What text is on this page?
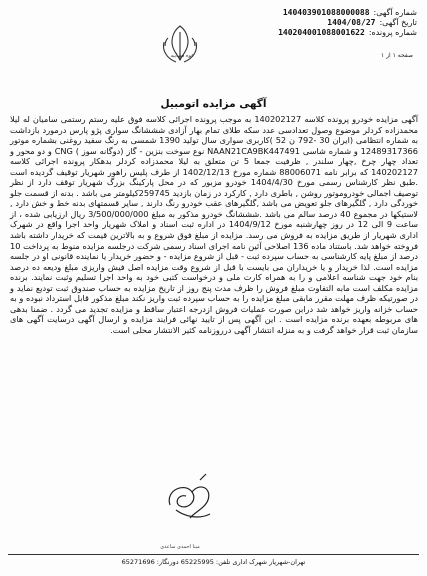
شماره آگهی:
140403901088000088
تاریخ آگهی:
1404/08/27
شماره پرونده:
140204001088001622
قوه قضاییه	صفحه ۱ از ۱
آگهی مزایده اتومبیل
آگهی مزایده خودرو پرونده کلاسه 140202127 به موجب پرونده اجرائی کلاسه فوق علیه رستم رستمی سامیان له لیلا محمدزاده کردلر موضوع وصول تعدادسی عدد سکه طلای تمام بهار آزادی شششانگ سواری پژو پارس درمورد بازداشت به شماره انتظامی (ایران 30 -792 ن 52 )کاربری سواری سال تولید 1390 شمسی به رنگ سفید روغنی بشماره موتور 12489317366 و شماره شاسی NAAN21CA9BK447491 نوع سوخت بنزین - گاز (دوگانه سوز ) CNG و دو محور و تعداد چهار چرخ ,چهار سلندر , ظرفیت جمعا 5 تن متعلق به لیلا محمدزاده کردلر بدهکار پرونده اجرائی کلاسه 140202127 که برابر نامه 88006071 شماره مورخ 1402/12/13 از طرف پلیس راهور شهریار توقیف گردیده است .طبق نظر کارشناس رسمی مورخ 1404/4/30 خودرو مزبور که در محل پارکینگ بزرگ شهریار توقف دارد از نظر توصیف اجمالی خودروموتور روشن , باطری دارد , کارکرد در زمان بازدید 259745کیلومتر می باشد . بدنه از قسمت جلو خوردگی دارد , گلگیرهای جلو تعویض می باشد ,گلگیرهای عقب خودرو رنگ دارند , سایر قسمتهای بدنه خط و خش دارد , لاستیکها در مجموع 40 درصد سالم می باشد .شششانگ خودرو مذکور به مبلغ 3/500/000/000 ریال ارزیابی شده ، از ساعت 9 الی 12 در روز چهارشنبه مورخ 1404/9/12 در اداره ثبت اسناد و املاک شهریار واحد اجرا واقع در شهرک اداری شهریار از طریق مزایده به فروش می رسد. مزایده از مبلغ فوق شروع و به بالاترین قیمت که خریدار داشته باشد فروخته خواهد شد. باستناد ماده 136 اصلاحی آئین نامه اجرای اسناد رسمی شرکت درجلسه مزایده منوط به پرداخت 10 درصد از مبلغ پایه کارشناسی به حساب سپرده ثبت - قبل از شروع مزایده - و حضور خریدار یا نماینده قانونی او در جلسه مزایده است. لذا خریدار و یا خریداران می بایست با قبل از شروع وقت مزایده اصل فیش واریزی مبلغ ودیعه ده درصد بنام خود جهت شناسه اعلامی و را به همراه کارت ملی و درخواست کتبی خود به واحد اجرا تسلیم وثبت نمایند. برنده مزایده مکلف است مابه التفاوت مبلغ فروش را ظرف مدت پنج روز از تاریخ مزایده به حساب صندوق ثبت تودیع نماید و در صورتیکه ظرف مهلت مقرر مابقی مبلغ مزایده را به حساب سپرده ثبت واریز نکند مبلغ مذکور قابل استرداد نبوده و به حساب خزانه واریز خواهد شد درابن صورت عملیات فروش ازدرجه اعتبار ساقط و مزایده تجدید می گردد . ضمنا بدهی های مربوطه بعهده برنده مزایده است . این آگهی پس از تایید نهائی فرایند مزایده و ارسال آگهی درسایت آگهی های سازمان ثبت قرار خواهد گرفت و به منزله انتشار آگهی درروزنامه کثیر الانتشار محلی است.
مینا احمدی ساعدی
تهران-شهریار شهرک اداری تلفن: 65225995 دورنگار: 65271696
